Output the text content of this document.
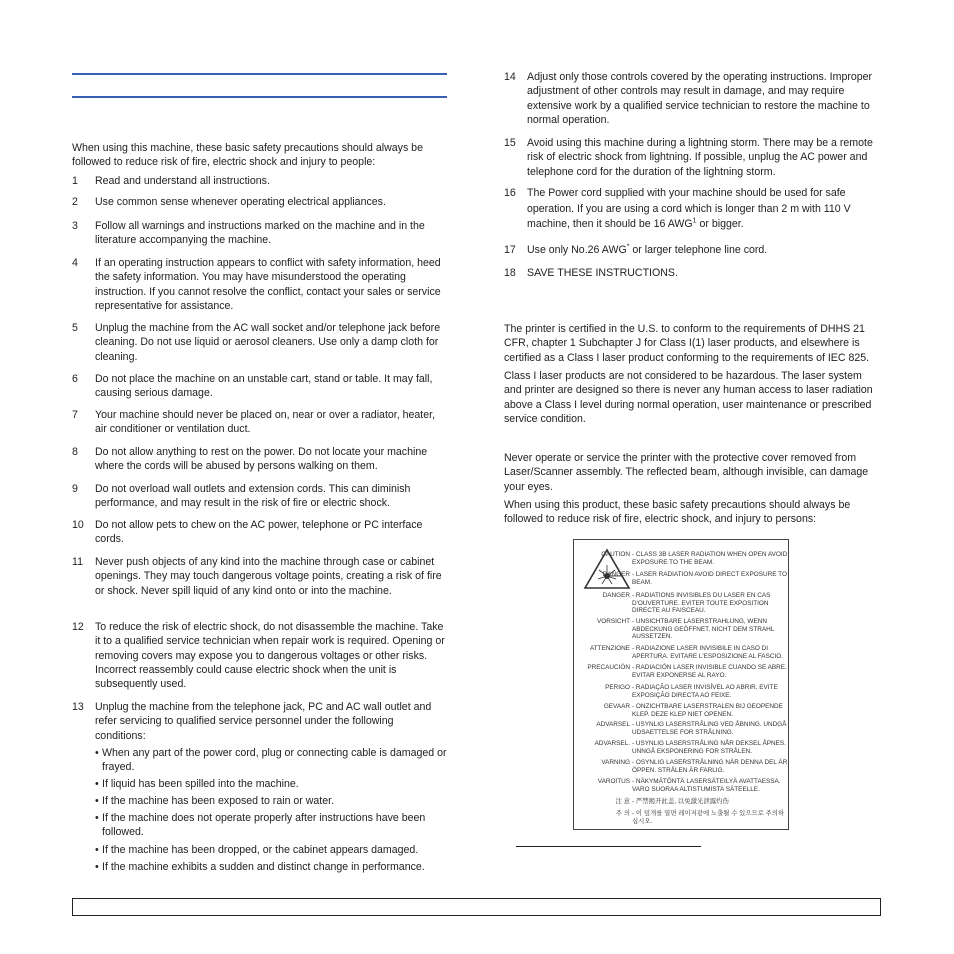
When using this machine, these basic safety precautions should always be followed to reduce risk of fire, electric shock and injury to people:

1	Read and understand all instructions.
2	Use common sense whenever operating electrical appliances.
3	Follow all warnings and instructions marked on the machine and in the literature accompanying the machine.
4	If an operating instruction appears to conflict with safety information, heed the safety information. You may have misunderstood the operating instruction. If you cannot resolve the conflict, contact your sales or service representative for assistance.
5	Unplug the machine from the AC wall socket and/or telephone jack before cleaning. Do not use liquid or aerosol cleaners. Use only a damp cloth for cleaning.
6	Do not place the machine on an unstable cart, stand or table. It may fall, causing serious damage.
7	Your machine should never be placed on, near or over a radiator, heater, air conditioner or ventilation duct.
8	Do not allow anything to rest on the power. Do not locate your machine where the cords will be abused by persons walking on them.
9	Do not overload wall outlets and extension cords. This can diminish performance, and may result in the risk of fire or electric shock.
10	Do not allow pets to chew on the AC power, telephone or PC interface cords.
11	Never push objects of any kind into the machine through case or cabinet openings. They may touch dangerous voltage points, creating a risk of fire or shock. Never spill liquid of any kind onto or into the machine.
12	To reduce the risk of electric shock, do not disassemble the machine. Take it to a qualified service technician when repair work is required. Opening or removing covers may expose you to dangerous voltages or other risks. Incorrect reassembly could cause electric shock when the unit is subsequently used.
13	Unplug the machine from the telephone jack, PC and AC wall outlet and refer servicing to qualified service personnel under the following conditions:
• When any part of the power cord, plug or connecting cable is damaged or frayed.
• If liquid has been spilled into the machine.
• If the machine has been exposed to rain or water.
• If the machine does not operate properly after instructions have been followed.
• If the machine has been dropped, or the cabinet appears damaged.
• If the machine exhibits a sudden and distinct change in performance.
14	Adjust only those controls covered by the operating instructions. Improper adjustment of other controls may result in damage, and may require extensive work by a qualified service technician to restore the machine to normal operation.
15	Avoid using this machine during a lightning storm. There may be a remote risk of electric shock from lightning. If possible, unplug the AC power and telephone cord for the duration of the lightning storm.
16	The Power cord supplied with your machine should be used for safe operation. If you are using a cord which is longer than 2 m with 110 V machine, then it should be 16 AWG$^1$ or bigger.
17	Use only No.26 AWG* or larger telephone line cord.
18	SAVE THESE INSTRUCTIONS.

The printer is certified in the U.S. to conform to the requirements of DHHS 21 CFR, chapter 1 Subchapter J for Class I(1) laser products, and elsewhere is certified as a Class I laser product conforming to the requirements of IEC 825.

Class I laser products are not considered to be hazardous. The laser system and printer are designed so there is never any human access to laser radiation above a Class I level during normal operation, user maintenance or prescribed service condition.

Never operate or service the printer with the protective cover removed from Laser/Scanner assembly. The reflected beam, although invisible, can damage your eyes.

When using this product, these basic safety precautions should always be followed to reduce risk of fire, electric shock, and injury to persons:

CAUTION - CLASS 3B LASER RADIATION WHEN OPEN AVOID EXPOSURE TO THE BEAM.
DANGER - LASER RADIATION AVOID DIRECT EXPOSURE TO BEAM.
DANGER - RADIATIONS INVISIBLES DU LASER EN CAS D'OUVERTURE. EVITER TOUTE EXPOSITION DIRECTE AU FAISCEAU.
VORSICHT - UNSICHTBARE LASERSTRAHLUNG, WENN ABDECKUNG GEÖFFNET. NICHT DEM STRAHL AUSSETZEN.
ATTENZIONE - RADIAZIONE LASER INVISIBILE IN CASO DI APERTURA. EVITARE L'ESPOSIZIONE AL FASCIO.
PRECAUCIÓN - RADIACIÓN LASER INVISIBLE CUANDO SE ABRE. EVITAR EXPONERSE AL RAYO.
PERIGO - RADIAÇÃO LASER INVISÍVEL AO ABRIR. EVITE EXPOSIÇÃO DIRECTA AO FEIXE.
GEVAAR - ONZICHTBARE LASERSTRALEN BIJ GEOPENDE KLEP. DEZE KLEP NIET OPENEN.
ADVARSEL - USYNLIG LASERSTRÅLING VED ÅBNING. UNDGÅ UDSAETTELSE FOR STRÅLNING.
ADVARSEL. - USYNLIG LASERSTRÅLING NÅR DEKSEL ÅPNES. UNNGÅ EKSPONERING FOR STRÅLEN.
VARNING - OSYNLIG LASERSTRÅLNING NÄR DENNA DEL ÄR ÖPPEN. STRÅLEN ÄR FARLIG.
VAROITUS - NÄKYMÄTÖNTÄ LASERSÄTEILYÄ AVATTAESSA. VARO SUORAA ALTISTUMISTA SÄTEELLE.
注 意 - 严禁揭开此盖, 以免激光泄露灼伤
주 의 - 이 덮개를 열면 레이저광에 노출될 수 있으므로 주의하십시오.
